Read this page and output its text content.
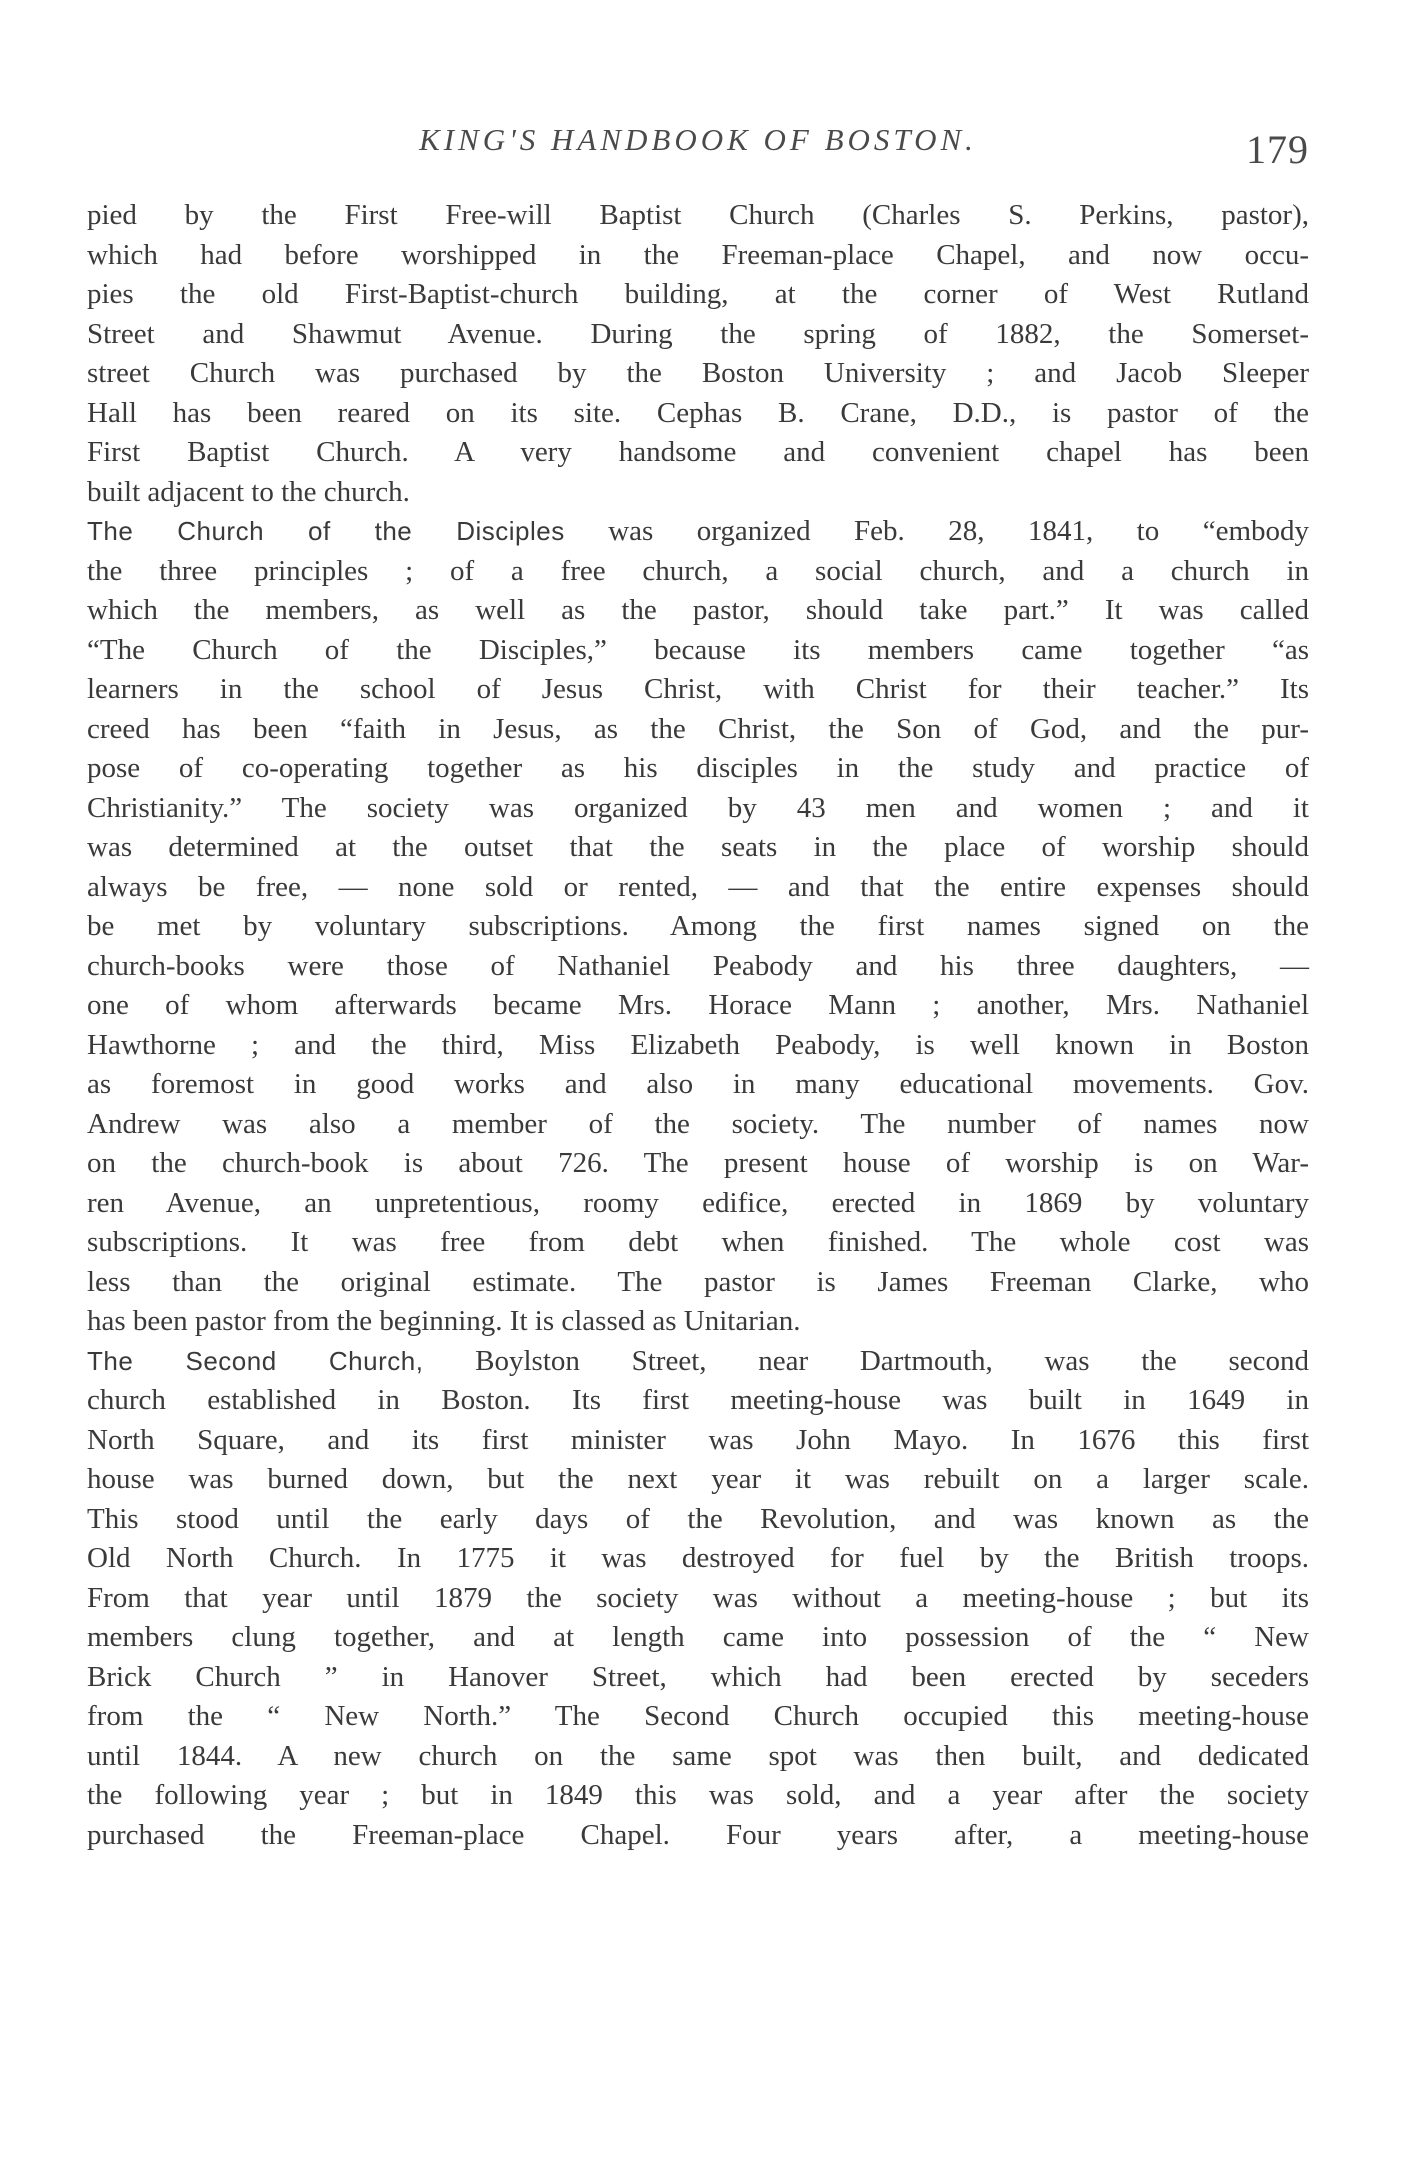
KING'S HANDBOOK OF BOSTON.	179

pied by the First Free-will Baptist Church (Charles S. Perkins, pastor),
which had before worshipped in the Freeman-place Chapel, and now occu-
pies the old First-Baptist-church building, at the corner of West Rutland
Street and Shawmut Avenue. During the spring of 1882, the Somerset-
street Church was purchased by the Boston University ; and Jacob Sleeper
Hall has been reared on its site. Cephas B. Crane, D.D., is pastor of the
First Baptist Church. A very handsome and convenient chapel has been
built adjacent to the church.

The Church of the Disciples was organized Feb. 28, 1841, to “embody
the three principles ; of a free church, a social church, and a church in
which the members, as well as the pastor, should take part.” It was called
“The Church of the Disciples,” because its members came together “as
learners in the school of Jesus Christ, with Christ for their teacher.” Its
creed has been “faith in Jesus, as the Christ, the Son of God, and the pur-
pose of co-operating together as his disciples in the study and practice of
Christianity.” The society was organized by 43 men and women ; and it
was determined at the outset that the seats in the place of worship should
always be free, — none sold or rented, — and that the entire expenses should
be met by voluntary subscriptions. Among the first names signed on the
church-books were those of Nathaniel Peabody and his three daughters, —
one of whom afterwards became Mrs. Horace Mann ; another, Mrs. Nathaniel
Hawthorne ; and the third, Miss Elizabeth Peabody, is well known in Boston
as foremost in good works and also in many educational movements. Gov.
Andrew was also a member of the society. The number of names now
on the church-book is about 726. The present house of worship is on War-
ren Avenue, an unpretentious, roomy edifice, erected in 1869 by voluntary
subscriptions. It was free from debt when finished. The whole cost was
less than the original estimate. The pastor is James Freeman Clarke, who
has been pastor from the beginning. It is classed as Unitarian.

The Second Church, Boylston Street, near Dartmouth, was the second
church established in Boston. Its first meeting-house was built in 1649 in
North Square, and its first minister was John Mayo. In 1676 this first
house was burned down, but the next year it was rebuilt on a larger scale.
This stood until the early days of the Revolution, and was known as the
Old North Church. In 1775 it was destroyed for fuel by the British troops.
From that year until 1879 the society was without a meeting-house ; but its
members clung together, and at length came into possession of the “ New
Brick Church ” in Hanover Street, which had been erected by seceders
from the “ New North.” The Second Church occupied this meeting-house
until 1844. A new church on the same spot was then built, and dedicated
the following year ; but in 1849 this was sold, and a year after the society
purchased the Freeman-place Chapel. Four years after, a meeting-house
